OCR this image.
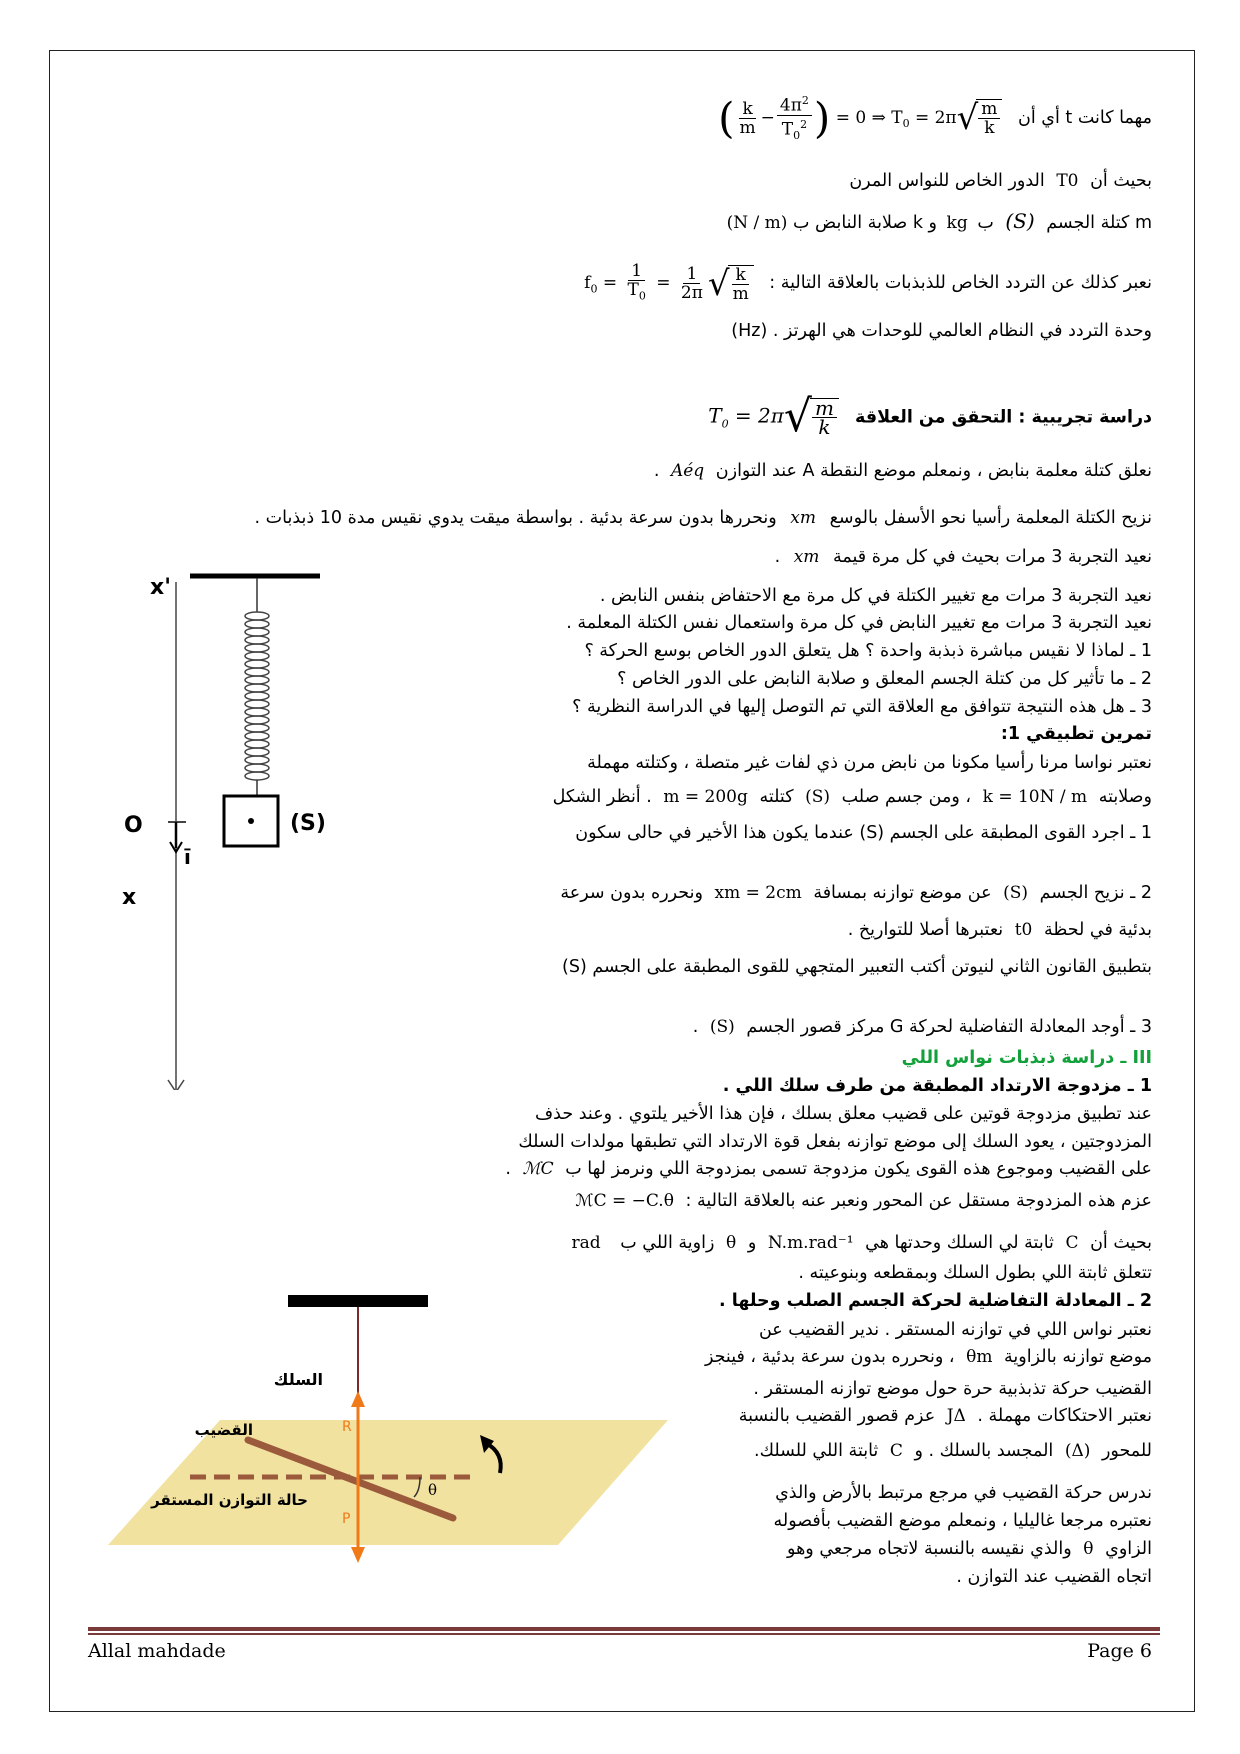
مهما كانت t أي أن ( $\frac{k}{m} - \frac{4\pi^2}{T_0^2}$ ) = 0 ⇒ $T_0 = 2\pi$ √ $\frac{m}{k}$
بحيث أن T0 الدور الخاص للنواس المرن
m كتلة الجسم (S) ب kg و k صلابة النابض ب (N / m)
نعبر كذلك عن التردد الخاص للذبذبات بالعلاقة التالية : $f_0 = \frac{1}{T_0} = \frac{1}{2\pi}$ √ $\frac{k}{m}$
وحدة التردد في النظام العالمي للوحدات هي الهرتز . (Hz)
دراسة تجريبية : التحقق من العلاقة $T_0 = 2\pi$ √ $\frac{m}{k}$
نعلق كتلة معلمة بنابض ، ونمعلم موضع النقطة A عند التوازن Aéq .
نزيح الكتلة المعلمة رأسيا نحو الأسفل بالوسع xm ونحررها بدون سرعة بدئية . بواسطة ميقت يدوي نقيس مدة 10 ذبذبات .
نعيد التجربة 3 مرات بحيث في كل مرة قيمة xm .
نعيد التجربة 3 مرات مع تغيير الكتلة في كل مرة مع الاحتفاض بنفس النابض .
نعيد التجربة 3 مرات مع تغيير النابض في كل مرة واستعمال نفس الكتلة المعلمة .
1 ـ لماذا لا نقيس مباشرة ذبذبة واحدة ؟ هل يتعلق الدور الخاص بوسع الحركة ؟
2 ـ ما تأثير كل من كتلة الجسم المعلق و صلابة النابض على الدور الخاص ؟
3 ـ هل هذه النتيجة تتوافق مع العلاقة التي تم التوصل إليها في الدراسة النظرية ؟
تمرين تطبيقي 1:
نعتبر نواسا مرنا رأسيا مكونا من نابض مرن ذي لفات غير متصلة ، وكتلته مهملة
وصلابته k = 10N / m ، ومن جسم صلب (S) كتلته m = 200g . أنظر الشكل
1 ـ اجرد القوى المطبقة على الجسم (S) عندما يكون هذا الأخير في حالى سكون
2 ـ نزيح الجسم (S) عن موضع توازنه بمسافة xm = 2cm ونحرره بدون سرعة
بدئية في لحظة t0 نعتبرها أصلا للتواريخ .
بتطبيق القانون الثاني لنيوتن أكتب التعبير المتجهي للقوى المطبقة على الجسم (S)
3 ـ أوجد المعادلة التفاضلية لحركة G مركز قصور الجسم (S) .
III ـ دراسة ذبذبات نواس اللي
1 ـ مزدوجة الارتداد المطبقة من طرف سلك اللي .
عند تطبيق مزدوجة قوتين على قضيب معلق بسلك ، فإن هذا الأخير يلتوي . وعند حذف
المزدوجتين ، يعود السلك إلى موضع توازنه بفعل قوة الارتداد التي تطبقها مولدات السلك
على القضيب وموجوع هذه القوى يكون مزدوجة تسمى بمزدوجة اللي ونرمز لها ب ℳC .
عزم هذه المزدوجة مستقل عن المحور ونعبر عنه بالعلاقة التالية : ℳC = −C.θ
بحيث أن C ثابتة لي السلك وحدتها هي N.m.rad⁻¹ و θ زاوية اللي ب rad
تتعلق ثابتة اللي بطول السلك وبمقطعه وبنوعيته .
2 ـ المعادلة التفاضلية لحركة الجسم الصلب وحلها .
نعتبر نواس اللي في توازنه المستقر . ندير القضيب عن
موضع توازنه بالزاوية θm ، ونحرره بدون سرعة بدئية ، فينجز
القضيب حركة تذبذبية حرة حول موضع توازنه المستقر .
نعتبر الاحتكاكات مهملة . JΔ عزم قصور القضيب بالنسبة
للمحور (Δ) المجسد بالسلك . و C ثابتة اللي للسلك.
ندرس حركة القضيب في مرجع مرتبط بالأرض والذي
نعتبره مرجعا غاليليا ، ونمعلم موضع القضيب بأفصوله
الزاوي θ والذي نقيسه بالنسبة لاتجاه مرجعي وهو
اتجاه القضيب عند التوازن .
x'
(S)
O
ī
x
السلك
R
P
θ
القضيب
حالة التوازن المستقر
Allal mahdade	Page 6
